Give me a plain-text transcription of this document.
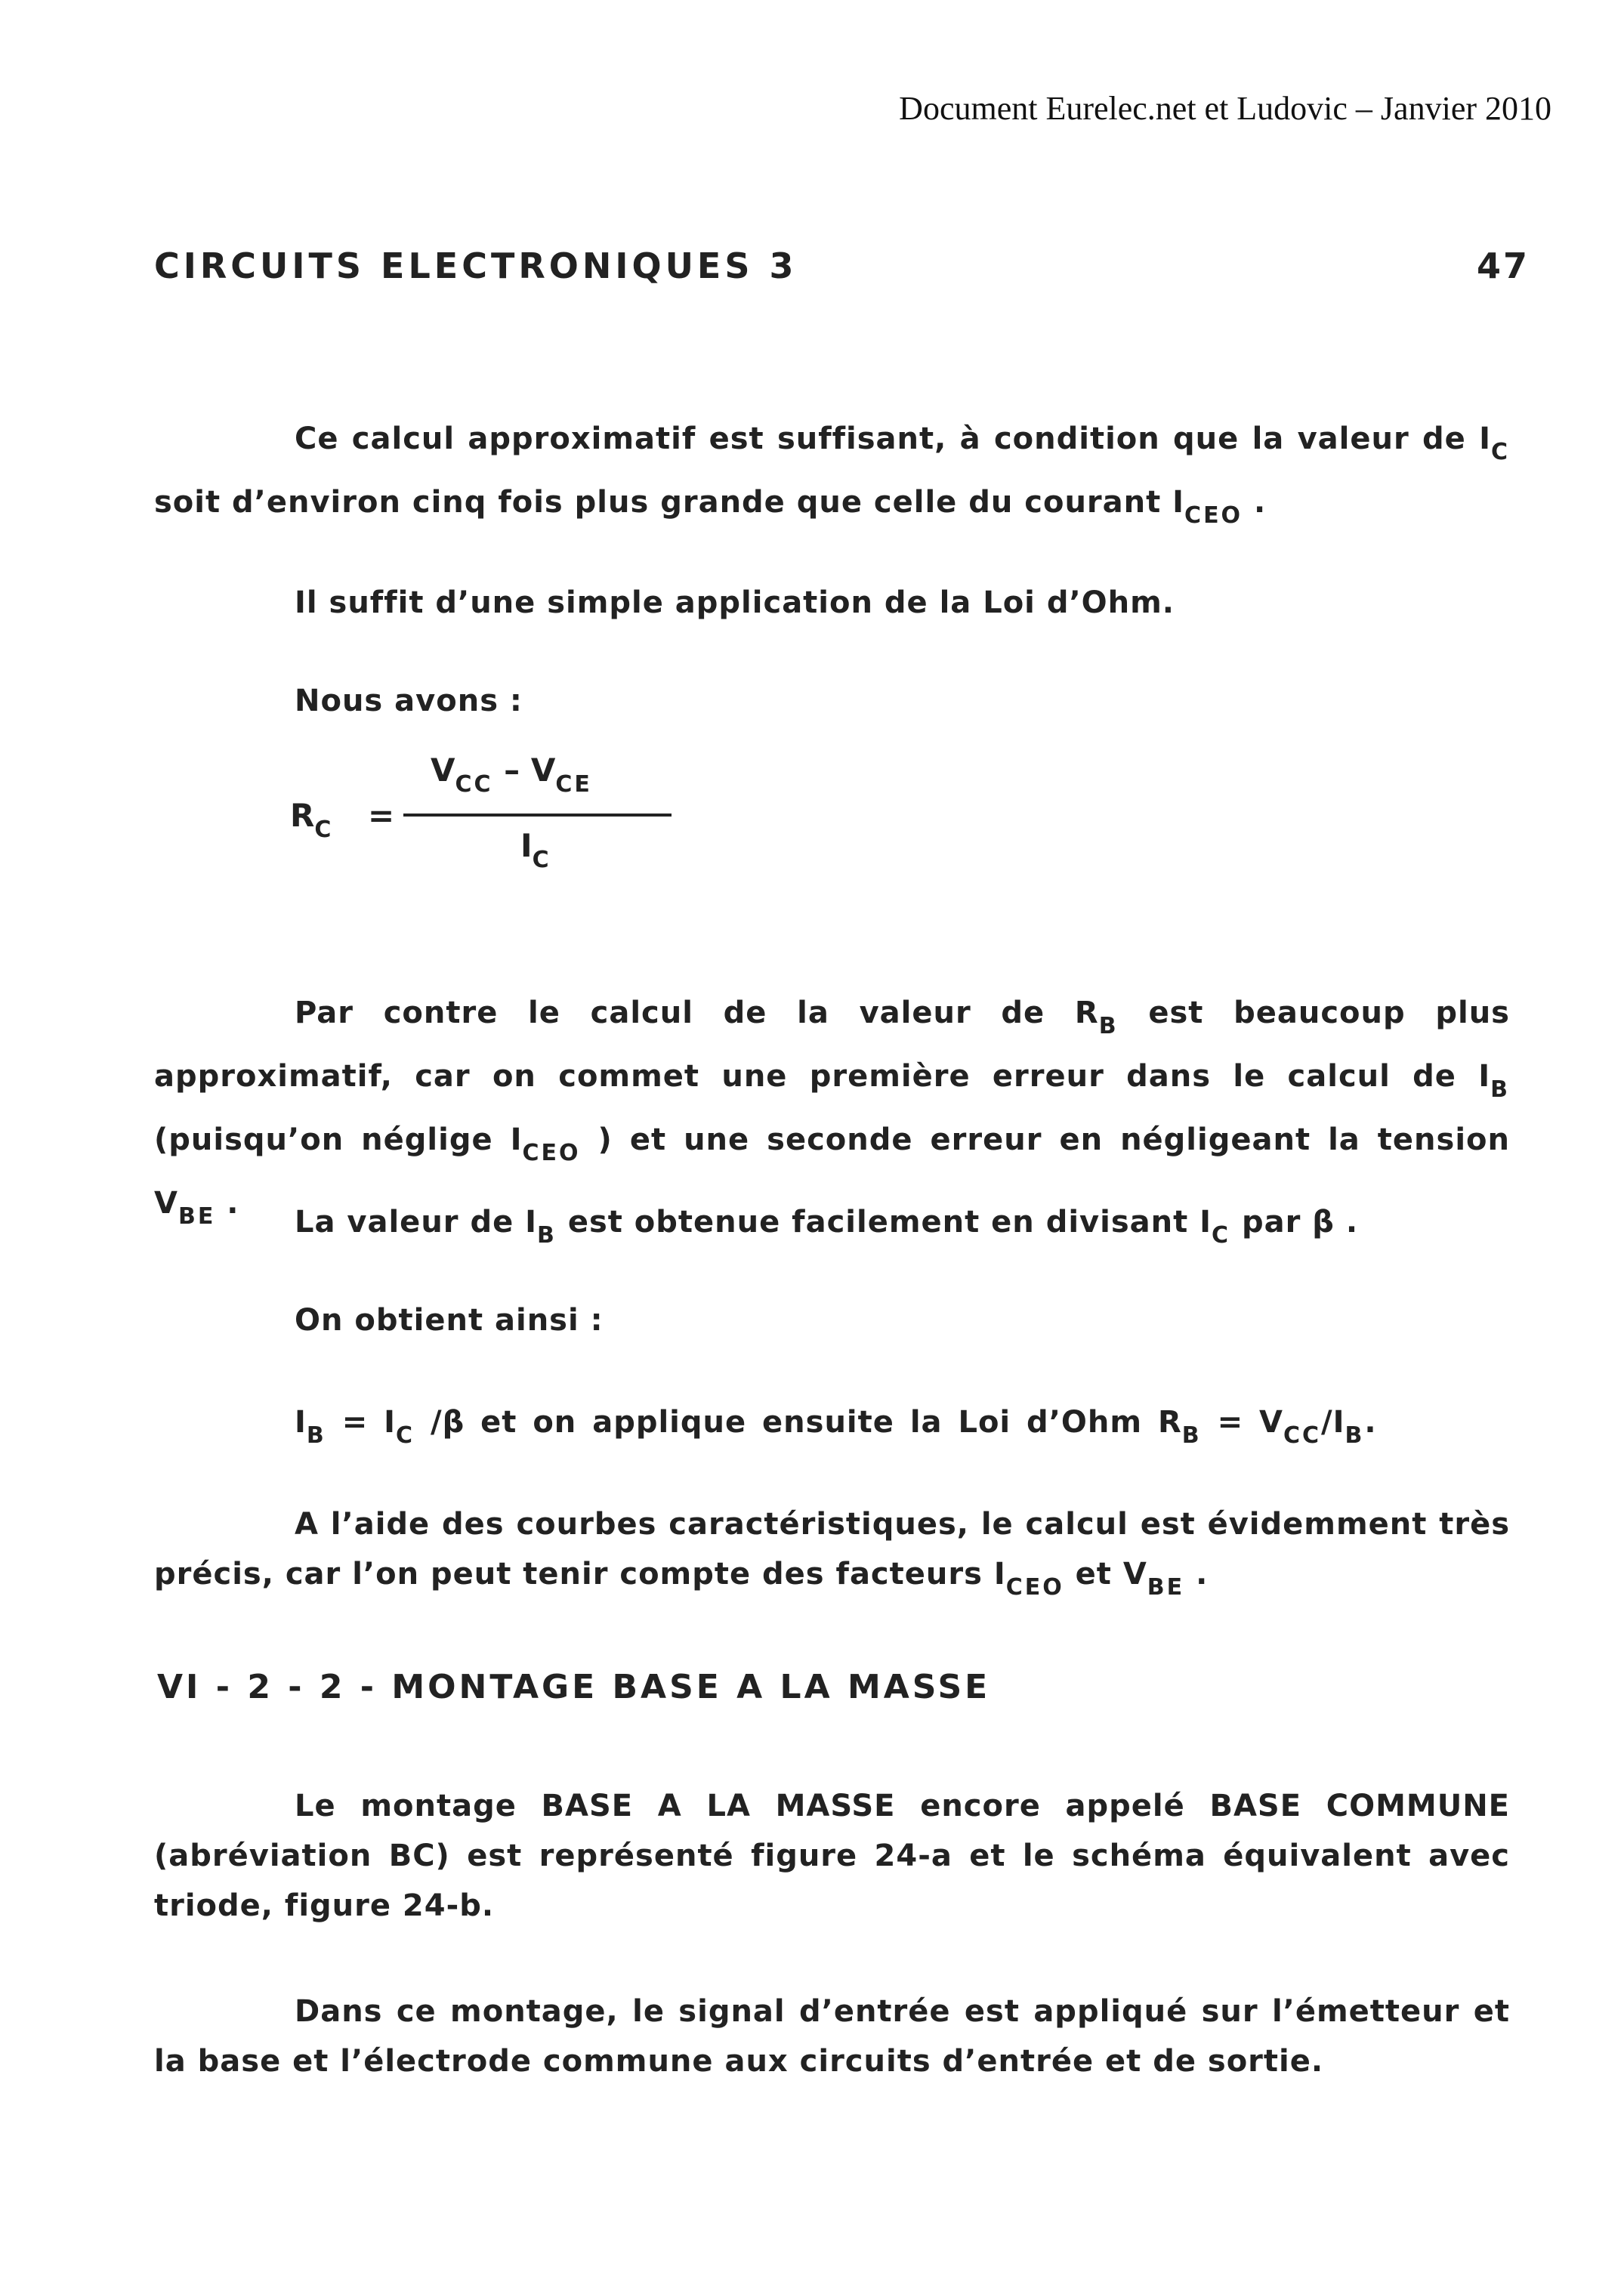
Document Eurelec.net et Ludovic – Janvier 2010
CIRCUITS ELECTRONIQUES 3	47

Ce calcul approximatif est suffisant, à condition que la valeur de $I_C$ soit d’environ cinq fois plus grande que celle du courant $I_{CEO}$ .

Il suffit d’une simple application de la Loi d’Ohm.
Nous avons :
$R_C$ =
$V_{CC} - V_{CE}$
$I_C$

Par contre le calcul de la valeur de $R_B$ est beaucoup plus approximatif, car on commet une première erreur dans le calcul de $I_B$ (puisqu’on néglige $I_{CEO}$ ) et une seconde erreur en négligeant la tension $V_{BE}$ .

La valeur de $I_B$ est obtenue facilement en divisant $I_C$ par β .
On obtient ainsi :
$I_B = I_C$ /β et on applique ensuite la Loi d’Ohm $R_B = V_{CC}/I_B$.

A l’aide des courbes caractéristiques, le calcul est évidemment très précis, car l’on peut tenir compte des facteurs $I_{CEO}$ et $V_{BE}$ .

VI - 2 - 2 - MONTAGE BASE A LA MASSE

Le montage BASE A LA MASSE encore appelé BASE COMMUNE (abréviation BC) est représenté figure 24-a et le schéma équivalent avec triode, figure 24-b.

Dans ce montage, le signal d’entrée est appliqué sur l’émetteur et la base et l’électrode commune aux circuits d’entrée et de sortie.
